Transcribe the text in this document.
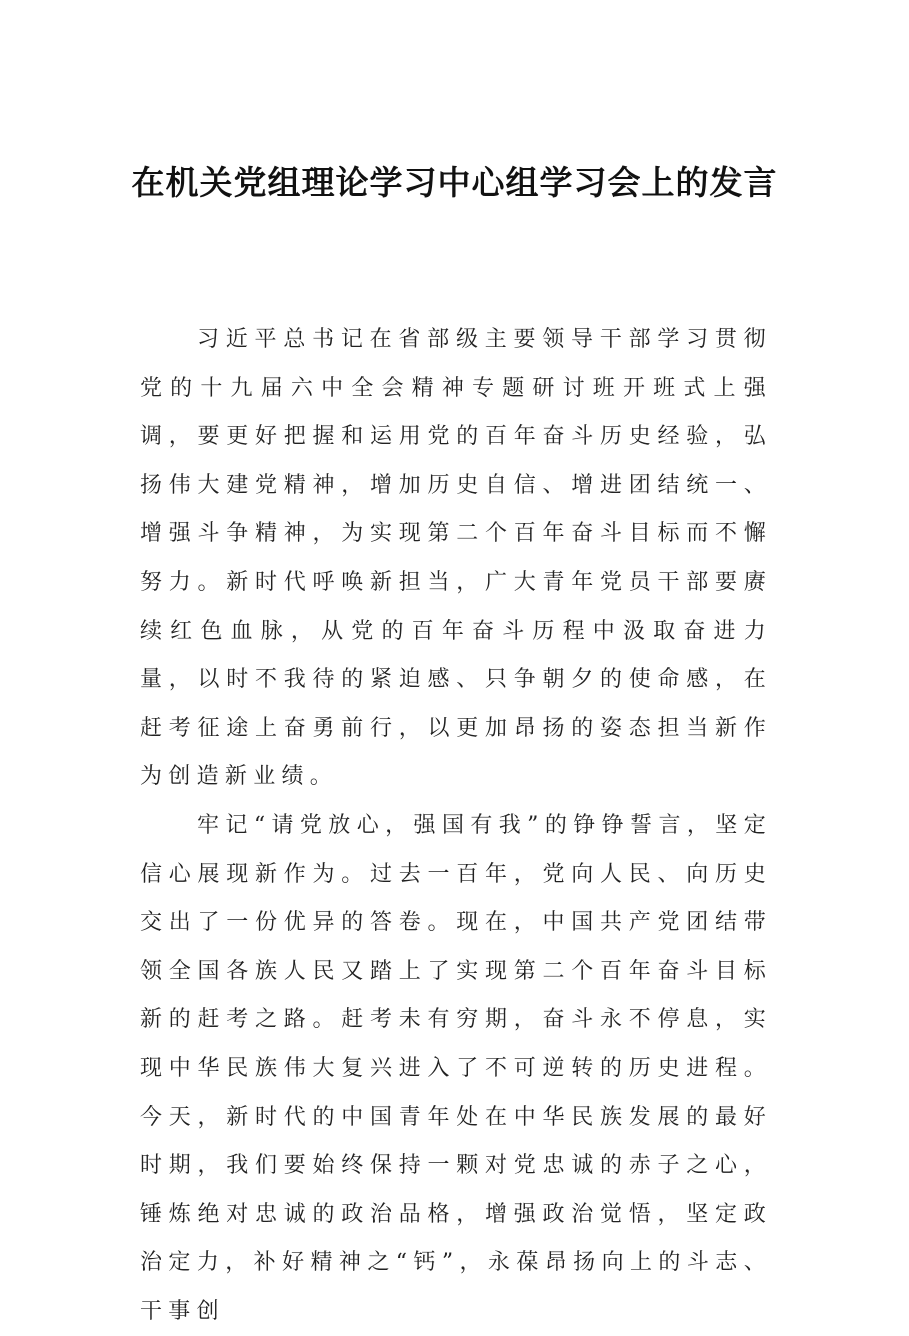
在机关党组理论学习中心组学习会上的发言

习近平总书记在省部级主要领导干部学习贯彻党的十九届六中全会精神专题研讨班开班式上强调，要更好把握和运用党的百年奋斗历史经验，弘扬伟大建党精神，增加历史自信、增进团结统一、增强斗争精神，为实现第二个百年奋斗目标而不懈努力。新时代呼唤新担当，广大青年党员干部要赓续红色血脉，从党的百年奋斗历程中汲取奋进力量，以时不我待的紧迫感、只争朝夕的使命感，在赶考征途上奋勇前行，以更加昂扬的姿态担当新作为创造新业绩。

牢记“请党放心，强国有我”的铮铮誓言，坚定信心展现新作为。过去一百年，党向人民、向历史交出了一份优异的答卷。现在，中国共产党团结带领全国各族人民又踏上了实现第二个百年奋斗目标新的赶考之路。赶考未有穷期，奋斗永不停息，实现中华民族伟大复兴进入了不可逆转的历史进程。今天，新时代的中国青年处在中华民族发展的最好时期，我们要始终保持一颗对党忠诚的赤子之心，锤炼绝对忠诚的政治品格，增强政治觉悟，坚定政治定力，补好精神之“钙”，永葆昂扬向上的斗志、干事创
